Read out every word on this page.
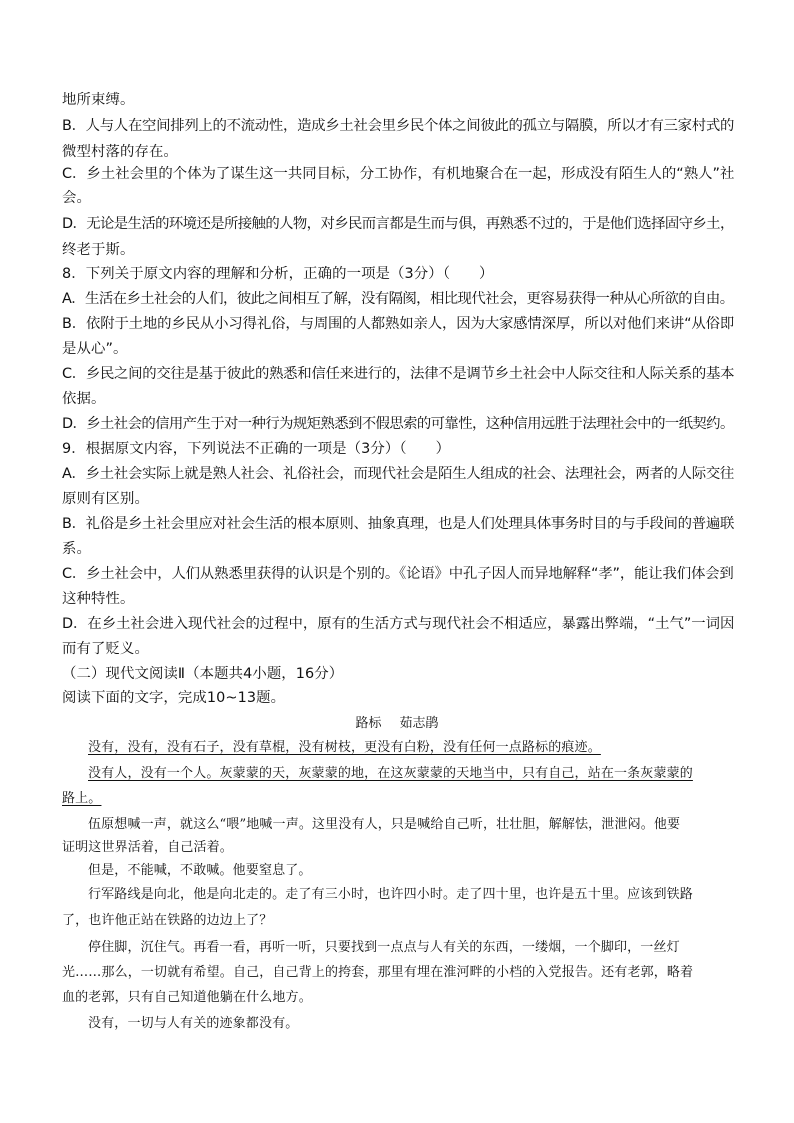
地所束缚。
B．人与人在空间排列上的不流动性，造成乡土社会里乡民个体之间彼此的孤立与隔膜，所以才有三家村式的
微型村落的存在。
C．乡土社会里的个体为了谋生这一共同目标，分工协作，有机地聚合在一起，形成没有陌生人的“熟人”社
会。
D．无论是生活的环境还是所接触的人物，对乡民而言都是生而与俱，再熟悉不过的，于是他们选择固守乡土，
终老于斯。
8．下列关于原文内容的理解和分析，正确的一项是（3分）（　　）
A．生活在乡土社会的人们，彼此之间相互了解，没有隔阂，相比现代社会，更容易获得一种从心所欲的自由。
B．依附于土地的乡民从小习得礼俗，与周围的人都熟如亲人，因为大家感情深厚，所以对他们来讲“从俗即
是从心”。
C．乡民之间的交往是基于彼此的熟悉和信任来进行的，法律不是调节乡土社会中人际交往和人际关系的基本
依据。
D．乡土社会的信用产生于对一种行为规矩熟悉到不假思索的可靠性，这种信用远胜于法理社会中的一纸契约。
9．根据原文内容，下列说法不正确的一项是（3分）（　　）
A．乡土社会实际上就是熟人社会、礼俗社会，而现代社会是陌生人组成的社会、法理社会，两者的人际交往
原则有区别。
B．礼俗是乡土社会里应对社会生活的根本原则、抽象真理，也是人们处理具体事务时目的与手段间的普遍联
系。
C．乡土社会中，人们从熟悉里获得的认识是个别的。《论语》中孔子因人而异地解释“孝”，能让我们体会到
这种特性。
D．在乡土社会进入现代社会的过程中，原有的生活方式与现代社会不相适应，暴露出弊端，“土气”一词因
而有了贬义。
（二）现代文阅读Ⅱ（本题共4小题，16分）
阅读下面的文字，完成10~13题。
路标 茹志鹃
没有，没有，没有石子，没有草棍，没有树枝，更没有白粉，没有任何一点路标的痕迹。
没有人，没有一个人。灰蒙蒙的天，灰蒙蒙的地，在这灰蒙蒙的天地当中，只有自己，站在一条灰蒙蒙的
路上。
伍原想喊一声，就这么“喂”地喊一声。这里没有人，只是喊给自己听，壮壮胆，解解怯，泄泄闷。他要
证明这世界活着，自己活着。
但是，不能喊，不敢喊。他要窒息了。
行军路线是向北，他是向北走的。走了有三小时，也许四小时。走了四十里，也许是五十里。应该到铁路
了，也许他正站在铁路的边边上了？
停住脚，沉住气。再看一看，再听一听，只要找到一点点与人有关的东西，一缕烟，一个脚印，一丝灯
光……那么，一切就有希望。自己，自己背上的挎套，那里有埋在淮河畔的小档的入党报告。还有老郭，略着
血的老郭，只有自己知道他躺在什么地方。
没有，一切与人有关的迹象都没有。
